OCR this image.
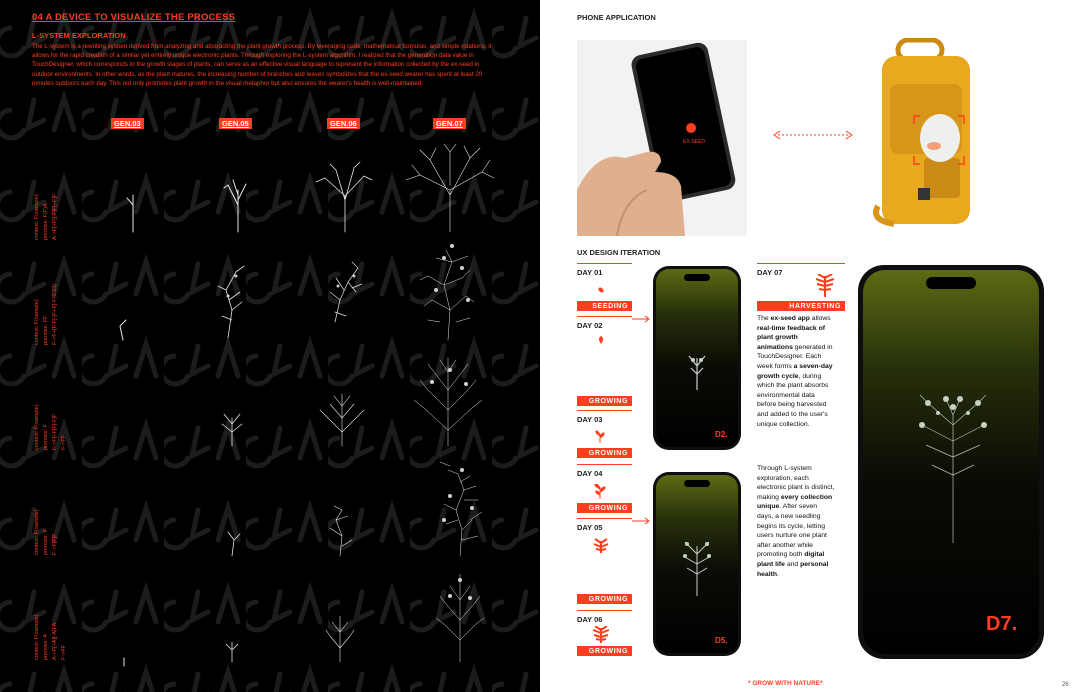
04 A DEVICE TO VISUALIZE THE PROCESS
L-SYSTEM EXPLORATION
The L-system is a rewriting system derived from analyzing and abstracting the plant growth process. By leveraging code, mathematical formulas, and simple rotations, it allows for the rapid creation of a similar yet entirely unique electronic plants. Through exploring the L-system algorithm, I realized that the generation data value in TouchDesigner, which corresponds to the growth stages of plants, can serve as an effective visual language to represent the information collected by the ex-seed in outdoor environments. In other words, as the plant matures, the increasing number of branches and leaves symbolizes that the ex-seed wearer has spent at least 20 minutes outdoors each day. This not only promotes plant growth in the visual metaphor but also ensures the wearer's health is well-maintained.
GEN.03	GEN.05	GEN.06	GEN.07
context: F(sample) premise: F(F)A A->F[+F][-F]F[+F]F
context: F(sample) premise: FF F->F+[F-F]-[F+F]-F(0.33)
context: F(sample) premise: F F->F[+F]F[-F]F F->FF
context: F(sample) premise: F F->F[F]F
context: F(sample) premise: A A->F[+A][-A]FA F->FF
PHONE APPLICATION
EX-SEED
UX DESIGN ITERATION
DAY 01
SEEDING
DAY 02
GROWING
DAY 03
GROWING
DAY 04
GROWING
DAY 05
GROWING
DAY 06
GROWING
D2.
D5.
DAY 07
HARVESTING
The ex-seed app allows real-time feedback of plant growth animations generated in TouchDesigner. Each week forms a seven-day growth cycle, during which the plant absorbs environmental data before being harvested and added to the user's unique collection.
Through L-system exploration, each electronic plant is distinct, making every collection unique. After seven days, a new seedling begins its cycle, letting users nurture one plant after another while promoting both digital plant life and personal health.
D7.
* GROW WITH NATURE*	26
